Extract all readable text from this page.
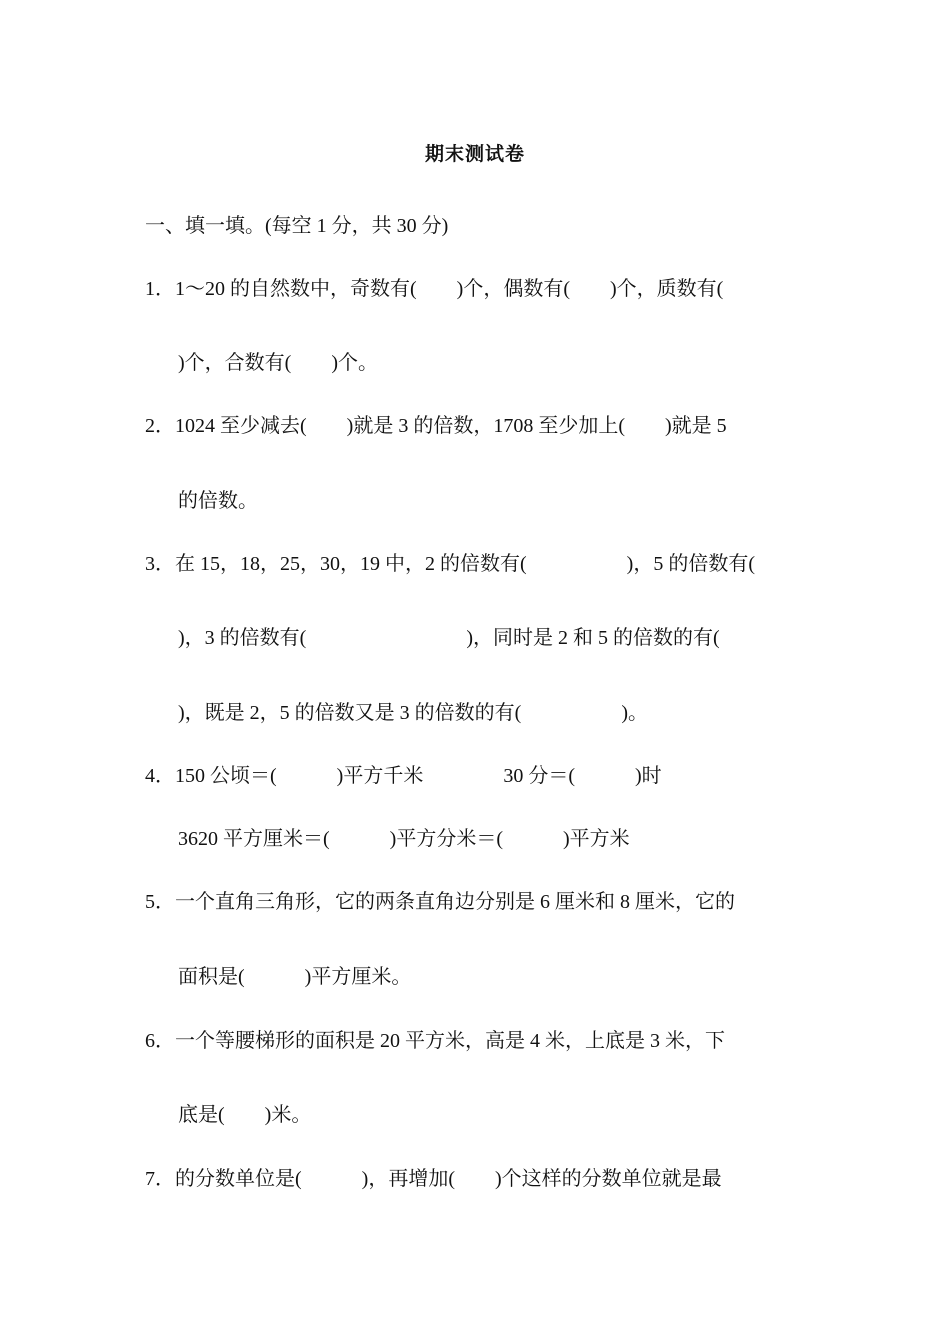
期末测试卷
一、填一填。(每空 1 分，共 30 分)
1．1～20 的自然数中，奇数有(　　)个，偶数有(　　)个，质数有(
)个，合数有(　　)个。
2．1024 至少减去(　　)就是 3 的倍数，1708 至少加上(　　)就是 5
的倍数。
3．在 15，18，25，30，19 中，2 的倍数有(　　　　　)，5 的倍数有(
)，3 的倍数有(　　　　　　　　)，同时是 2 和 5 的倍数的有(
)，既是 2，5 的倍数又是 3 的倍数的有(　　　　　)。
4．150 公顷＝(　　　)平方千米　　　　30 分＝(　　　)时
3620 平方厘米＝(　　　)平方分米＝(　　　)平方米
5．一个直角三角形，它的两条直角边分别是 6 厘米和 8 厘米，它的
面积是(　　　)平方厘米。
6．一个等腰梯形的面积是 20 平方米，高是 4 米，上底是 3 米，下
底是(　　)米。
7．的分数单位是(　　　)，再增加(　　)个这样的分数单位就是最
